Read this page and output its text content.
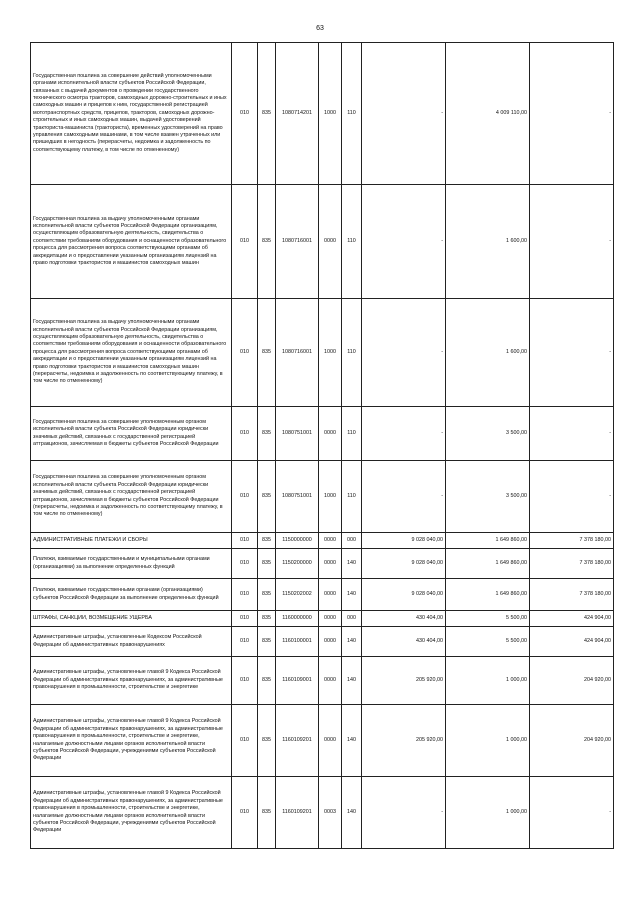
63
Государственная пошлина за совершение действий уполномоченными органами исполнительной власти субъектов Российской Федерации, связанных с выдачей документов о проведении государственного технического осмотра тракторов, самоходных дорожно-строительных и иных самоходных машин и прицепов к ним, государственной регистрацией мототранспортных средств, прицепов, тракторов, самоходных дорожно-строительных и иных самоходных машин, выдачей удостоверений тракториста-машиниста (тракториста), временных удостоверений на право управления самоходными машинами, в том числе взамен утраченных или пришедших в негодность (перерасчеты, недоимка и задолженность по соответствующему платежу, в том числе по отмененному)	010	835	1080714201	1000	110	-	4 009 110,00	-
Государственная пошлина за выдачу уполномоченными органами исполнительной власти субъектов Российской Федерации организациям, осуществляющим образовательную деятельность, свидетельства о соответствии требованиям оборудования и оснащенности образовательного процесса для рассмотрения вопроса соответствующими органами об аккредитации и о предоставлении указанным организациям лицензий на право подготовки трактористов и машинистов самоходных машин	010	835	1080716001	0000	110	-	1 600,00	-
Государственная пошлина за выдачу уполномоченными органами исполнительной власти субъектов Российской Федерации организациям, осуществляющим образовательную деятельность, свидетельства о соответствии требованиям оборудования и оснащенности образовательного процесса для рассмотрения вопроса соответствующими органами об аккредитации и о предоставлении указанным организациям лицензий на право подготовки трактористов и машинистов самоходных машин (перерасчеты, недоимка и задолженность по соответствующему платежу, в том числе по отмененному)	010	835	1080716001	1000	110	-	1 600,00	-
Государственная пошлина за совершение уполномоченным органом исполнительной власти субъекта Российской Федерации юридически значимых действий, связанных с государственной регистрацией аттракционов, зачисляемая в бюджеты субъектов Российской Федерации	010	835	1080751001	0000	110	-	3 500,00	-
Государственная пошлина за совершение уполномоченным органом исполнительной власти субъекта Российской Федерации юридически значимых действий, связанных с государственной регистрацией аттракционов, зачисляемая в бюджеты субъектов Российской Федерации (перерасчеты, недоимка и задолженность по соответствующему платежу, в том числе по отмененному)	010	835	1080751001	1000	110	-	3 500,00	-
АДМИНИСТРАТИВНЫЕ ПЛАТЕЖИ И СБОРЫ	010	835	1150000000	0000	000	9 028 040,00	1 649 860,00	7 378 180,00
Платежи, взимаемые государственными и муниципальными органами (организациями) за выполнение определенных функций	010	835	1150200000	0000	140	9 028 040,00	1 649 860,00	7 378 180,00
Платежи, взимаемые государственными органами (организациями) субъектов Российской Федерации за выполнение определенных функций	010	835	1150202002	0000	140	9 028 040,00	1 649 860,00	7 378 180,00
ШТРАФЫ, САНКЦИИ, ВОЗМЕЩЕНИЕ УЩЕРБА	010	835	1160000000	0000	000	430 404,00	5 500,00	424 904,00
Административные штрафы, установленные Кодексом Российской Федерации об административных правонарушениях	010	835	1160100001	0000	140	430 404,00	5 500,00	424 904,00
Административные штрафы, установленные главой 9 Кодекса Российской Федерации об административных правонарушениях, за административные правонарушения в промышленности, строительстве и энергетике	010	835	1160109001	0000	140	205 920,00	1 000,00	204 920,00
Административные штрафы, установленные главой 9 Кодекса Российской Федерации об административных правонарушениях, за административные правонарушения в промышленности, строительстве и энергетике, налагаемые должностными лицами органов исполнительной власти субъектов Российской Федерации, учреждениями субъектов Российской Федерации	010	835	1160109201	0000	140	205 920,00	1 000,00	204 920,00
Административные штрафы, установленные главой 9 Кодекса Российской Федерации об административных правонарушениях, за административные правонарушения в промышленности, строительстве и энергетике, налагаемые должностными лицами органов исполнительной власти субъектов Российской Федерации, учреждениями субъектов Российской Федерации	010	835	1160109201	0003	140	-	1 000,00	-
